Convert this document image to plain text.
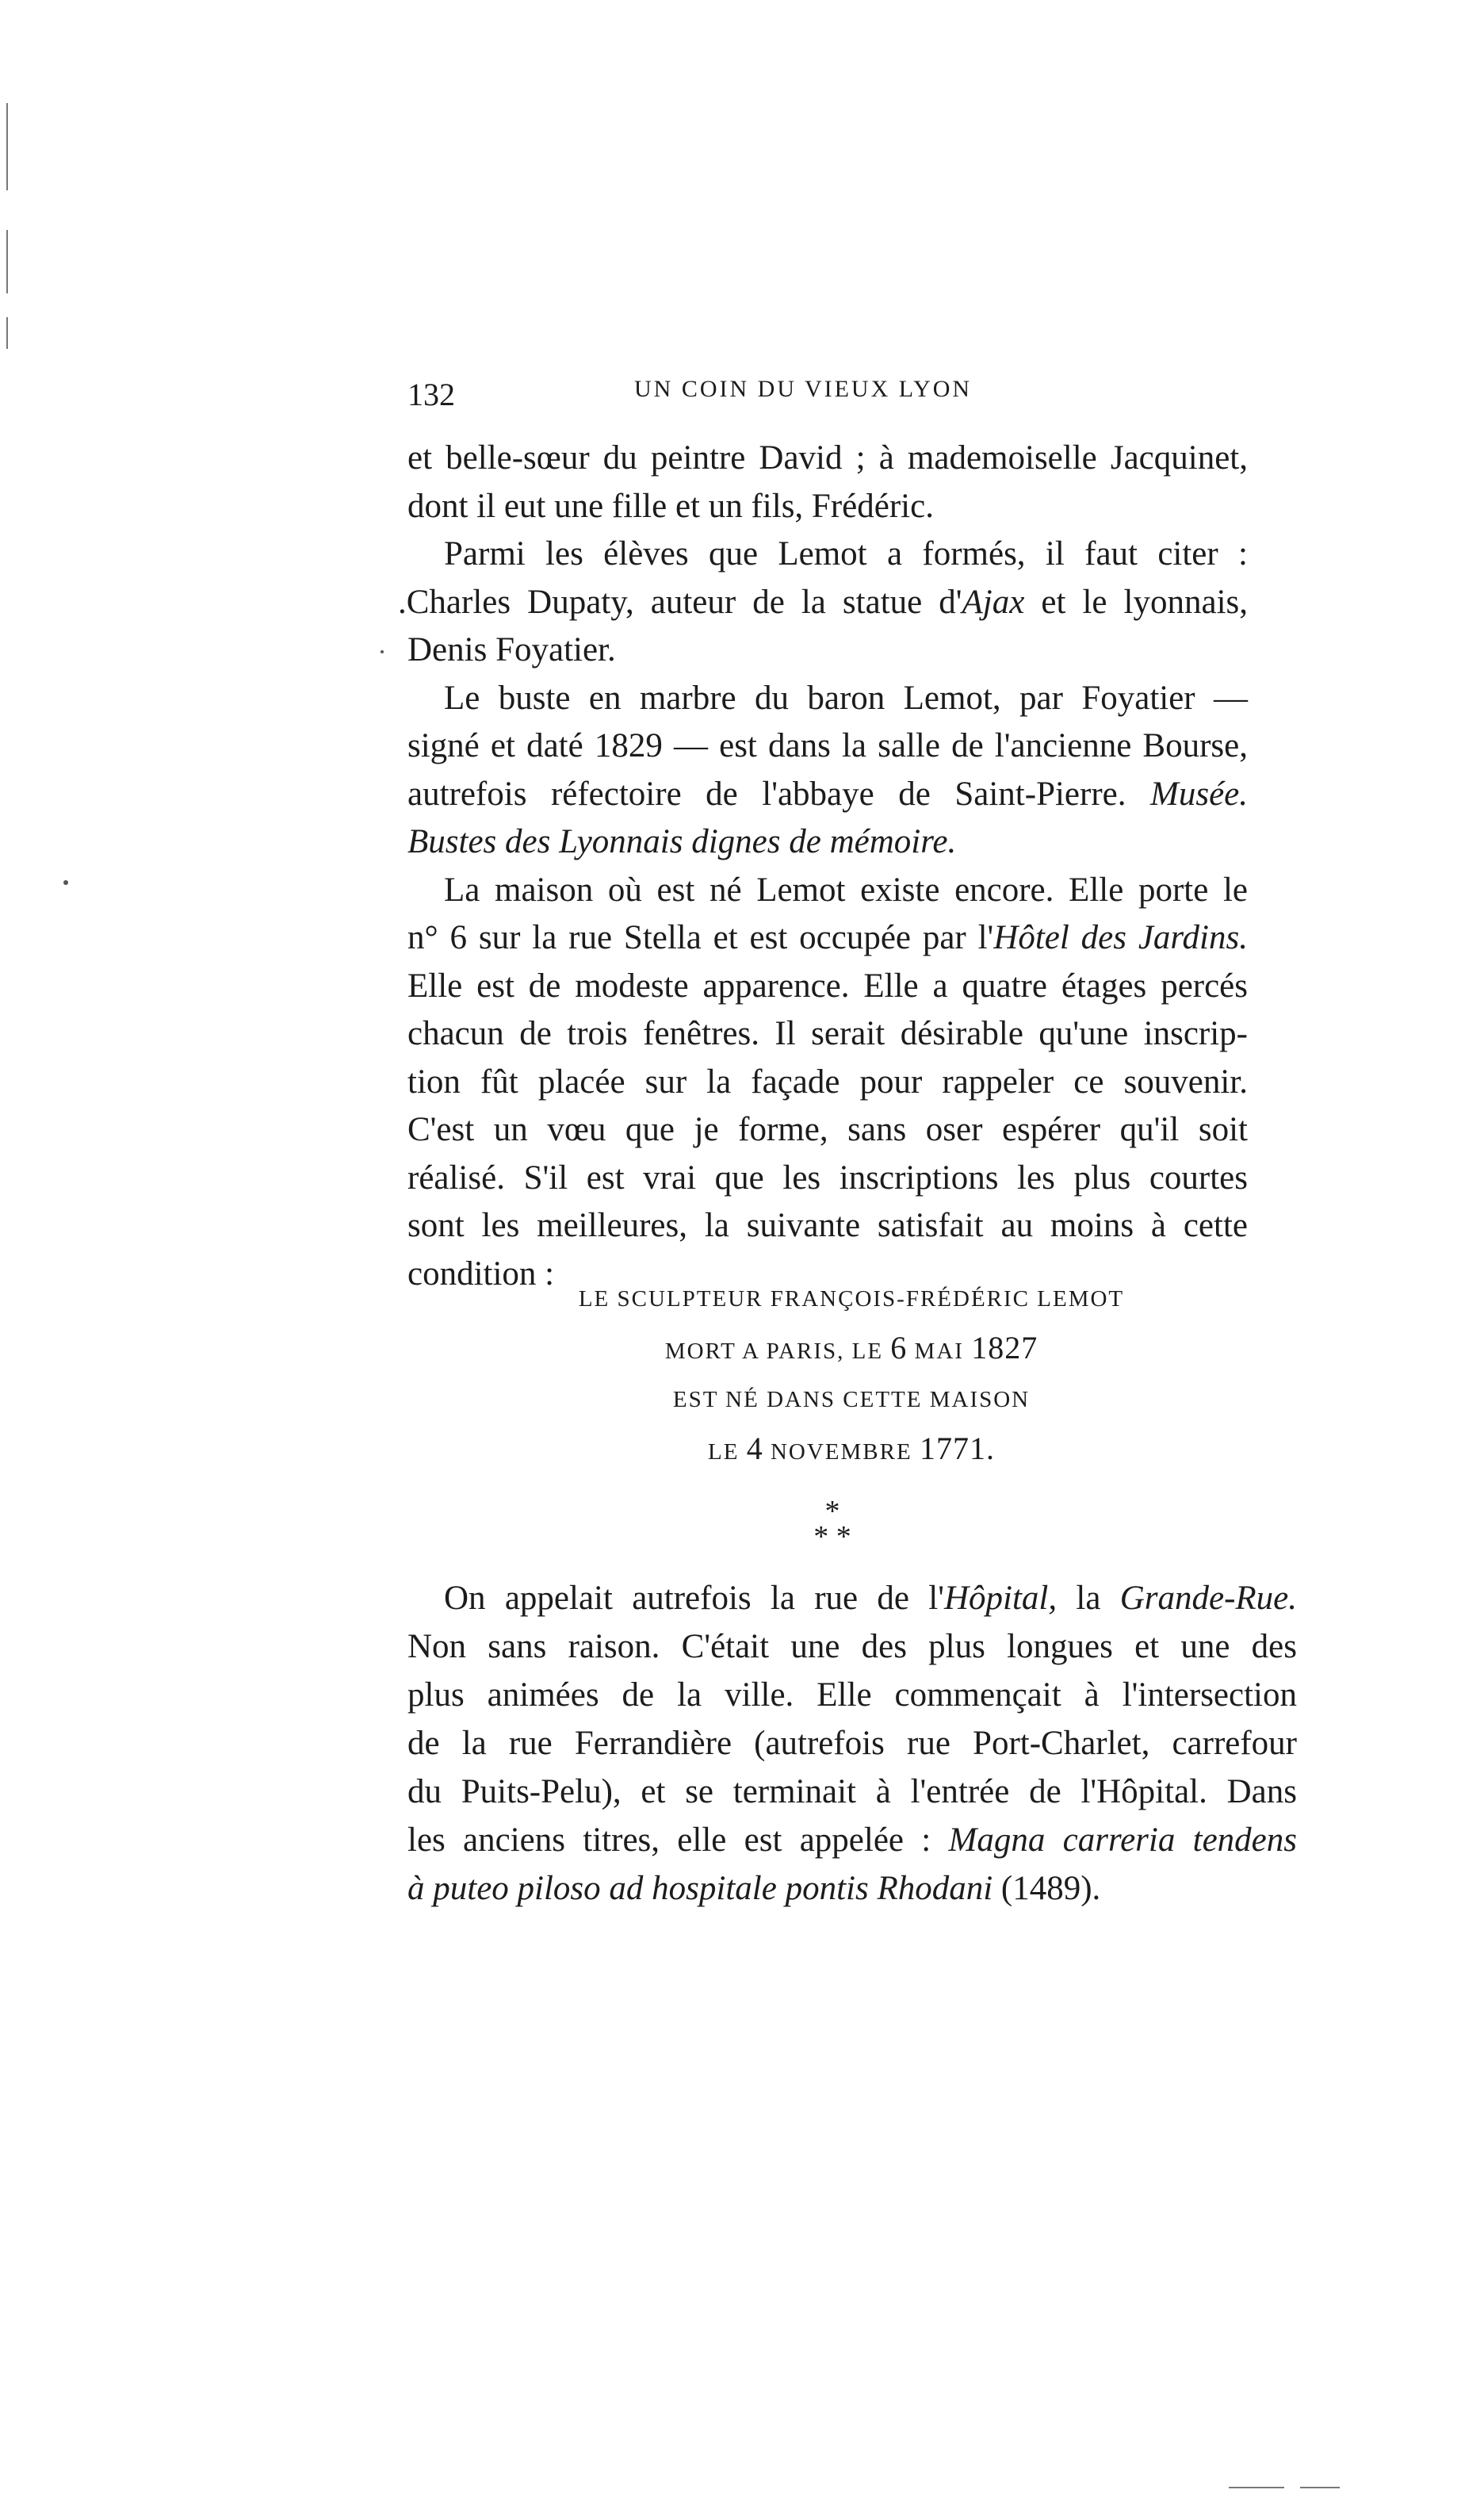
132	UN COIN DU VIEUX LYON
et belle-sœur du peintre David ; à mademoiselle Jacquinet,
dont il eut une fille et un fils, Frédéric.
Parmi les élèves que Lemot a formés, il faut citer :
.Charles Dupaty, auteur de la statue d'Ajax et le lyonnais,
Denis Foyatier.
Le buste en marbre du baron Lemot, par Foyatier —
signé et daté 1829 — est dans la salle de l'ancienne Bourse,
autrefois réfectoire de l'abbaye de Saint-Pierre. Musée.
Bustes des Lyonnais dignes de mémoire.
La maison où est né Lemot existe encore. Elle porte le
n° 6 sur la rue Stella et est occupée par l'Hôtel des Jardins.
Elle est de modeste apparence. Elle a quatre étages percés
chacun de trois fenêtres. Il serait désirable qu'une inscrip-
tion fût placée sur la façade pour rappeler ce souvenir.
C'est un vœu que je forme, sans oser espérer qu'il soit
réalisé. S'il est vrai que les inscriptions les plus courtes
sont les meilleures, la suivante satisfait au moins à cette
condition :
LE SCULPTEUR FRANÇOIS-FRÉDÉRIC LEMOT
MORT A PARIS, LE 6 MAI 1827
EST NÉ DANS CETTE MAISON
LE 4 NOVEMBRE 1771.
*
* *
On appelait autrefois la rue de l'Hôpital, la Grande-Rue.
Non sans raison. C'était une des plus longues et une des
plus animées de la ville. Elle commençait à l'intersection
de la rue Ferrandière (autrefois rue Port-Charlet, carrefour
du Puits-Pelu), et se terminait à l'entrée de l'Hôpital. Dans
les anciens titres, elle est appelée : Magna carreria tendens
à puteo piloso ad hospitale pontis Rhodani (1489).
